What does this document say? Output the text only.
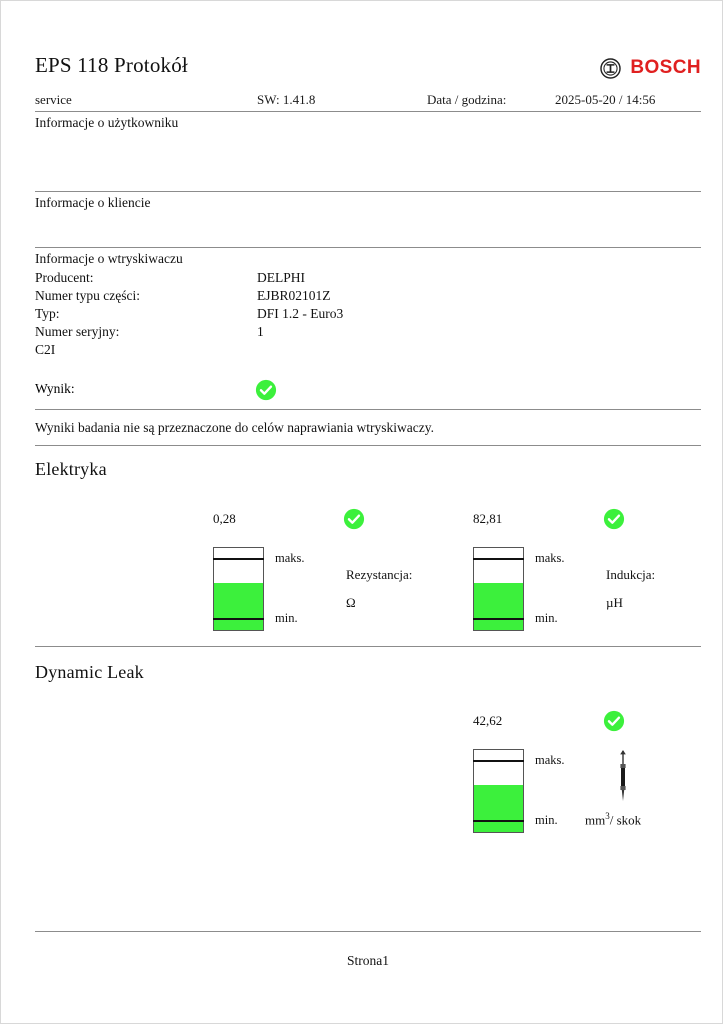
EPS 118 Protokół	BOSCH
service	SW: 1.41.8	Data / godzina:	2025-05-20 / 14:56
Informacje o użytkowniku
Informacje o kliencie
Informacje o wtryskiwaczu
Producent:	DELPHI
Numer typu części:	EJBR02101Z
Typ:	DFI 1.2 - Euro3
Numer seryjny:	1
C2I
Wynik:
Wyniki badania nie są przeznaczone do celów naprawiania wtryskiwaczy.
Elektryka
0,28
maks.
min.
Rezystancja:
Ω
82,81
maks.
min.
Indukcja:
µH
Dynamic Leak
42,62
maks.
min. $mm^3/$ skok
Strona1
